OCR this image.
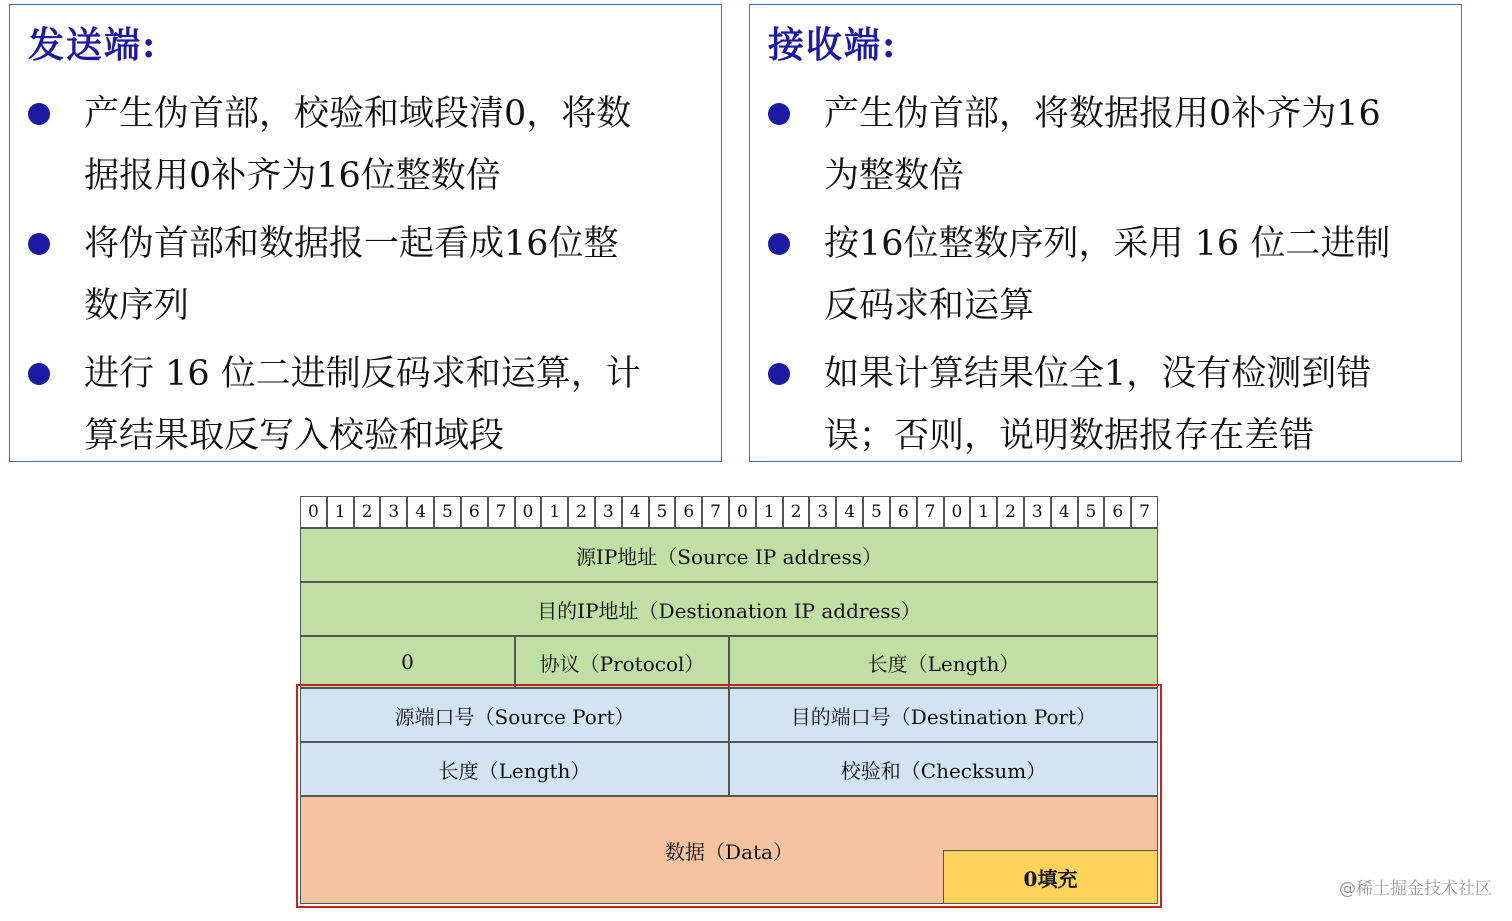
发送端:
产生伪首部，校验和域段清0，将数
据报用0补齐为16位整数倍
将伪首部和数据报一起看成16位整
数序列
进行 16 位二进制反码求和运算，计
算结果取反写入校验和域段
接收端:
产生伪首部，将数据报用0补齐为16
为整数倍
按16位整数序列，采用 16 位二进制
反码求和运算
如果计算结果位全1，没有检测到错
误；否则，说明数据报存在差错
0 1 2 3 4 5 6 7 0 1 2 3 4 5 6 7 0 1 2 3 4 5 6 7 0 1 2 3 4 5 6 7
源IP地址（Source IP address）
目的IP地址（Destionation IP address）
0	协议（Protocol）	长度（Length）
源端口号（Source Port）	目的端口号（Destination Port）
长度（Length）	校验和（Checksum）
数据（Data）
0填充	@稀土掘金技术社区
